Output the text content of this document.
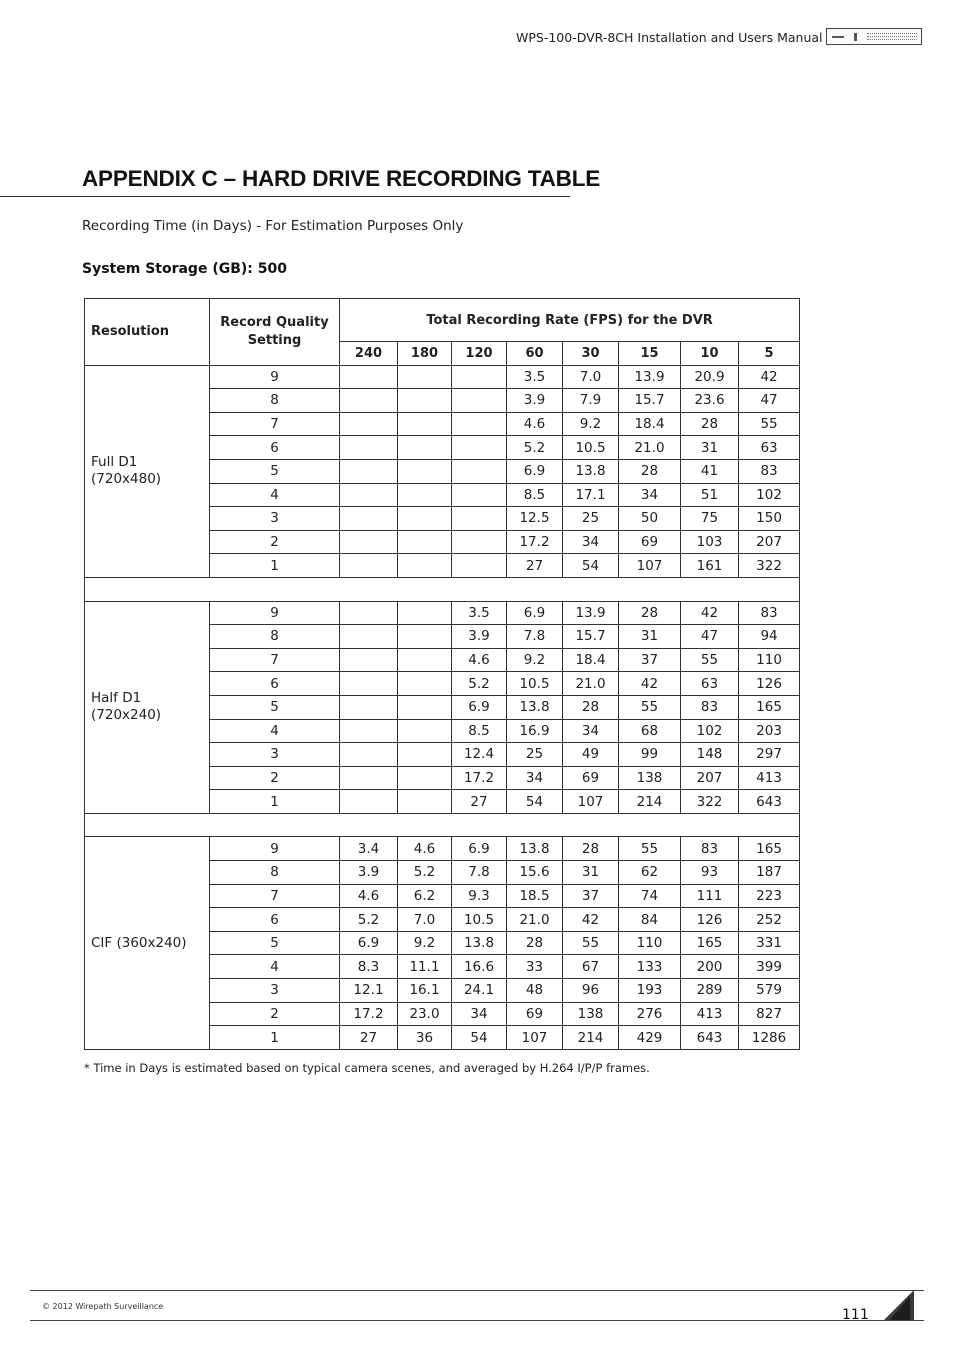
WPS-100-DVR-8CH Installation and Users Manual
APPENDIX C – HARD DRIVE RECORDING TABLE
Recording Time (in Days) - For Estimation Purposes Only
System Storage (GB): 500
Resolution	Record Quality Setting	Total Recording Rate (FPS) for the DVR							
		240	180	120	60	30	15	10	5
Full D1 (720x480)	9				3.5	7.0	13.9	20.9	42
	8				3.9	7.9	15.7	23.6	47
	7				4.6	9.2	18.4	28	55
	6				5.2	10.5	21.0	31	63
	5				6.9	13.8	28	41	83
	4				8.5	17.1	34	51	102
	3				12.5	25	50	75	150
	2				17.2	34	69	103	207
	1				27	54	107	161	322

Half D1 (720x240)	9			3.5	6.9	13.9	28	42	83
	8			3.9	7.8	15.7	31	47	94
	7			4.6	9.2	18.4	37	55	110
	6			5.2	10.5	21.0	42	63	126
	5			6.9	13.8	28	55	83	165
	4			8.5	16.9	34	68	102	203
	3			12.4	25	49	99	148	297
	2			17.2	34	69	138	207	413
	1			27	54	107	214	322	643

CIF (360x240)	9	3.4	4.6	6.9	13.8	28	55	83	165
	8	3.9	5.2	7.8	15.6	31	62	93	187
	7	4.6	6.2	9.3	18.5	37	74	111	223
	6	5.2	7.0	10.5	21.0	42	84	126	252
	5	6.9	9.2	13.8	28	55	110	165	331
	4	8.3	11.1	16.6	33	67	133	200	399
	3	12.1	16.1	24.1	48	96	193	289	579
	2	17.2	23.0	34	69	138	276	413	827
	1	27	36	54	107	214	429	643	1286
* Time in Days is estimated based on typical camera scenes, and averaged by H.264 I/P/P frames.
© 2012 Wirepath Surveillance
111
